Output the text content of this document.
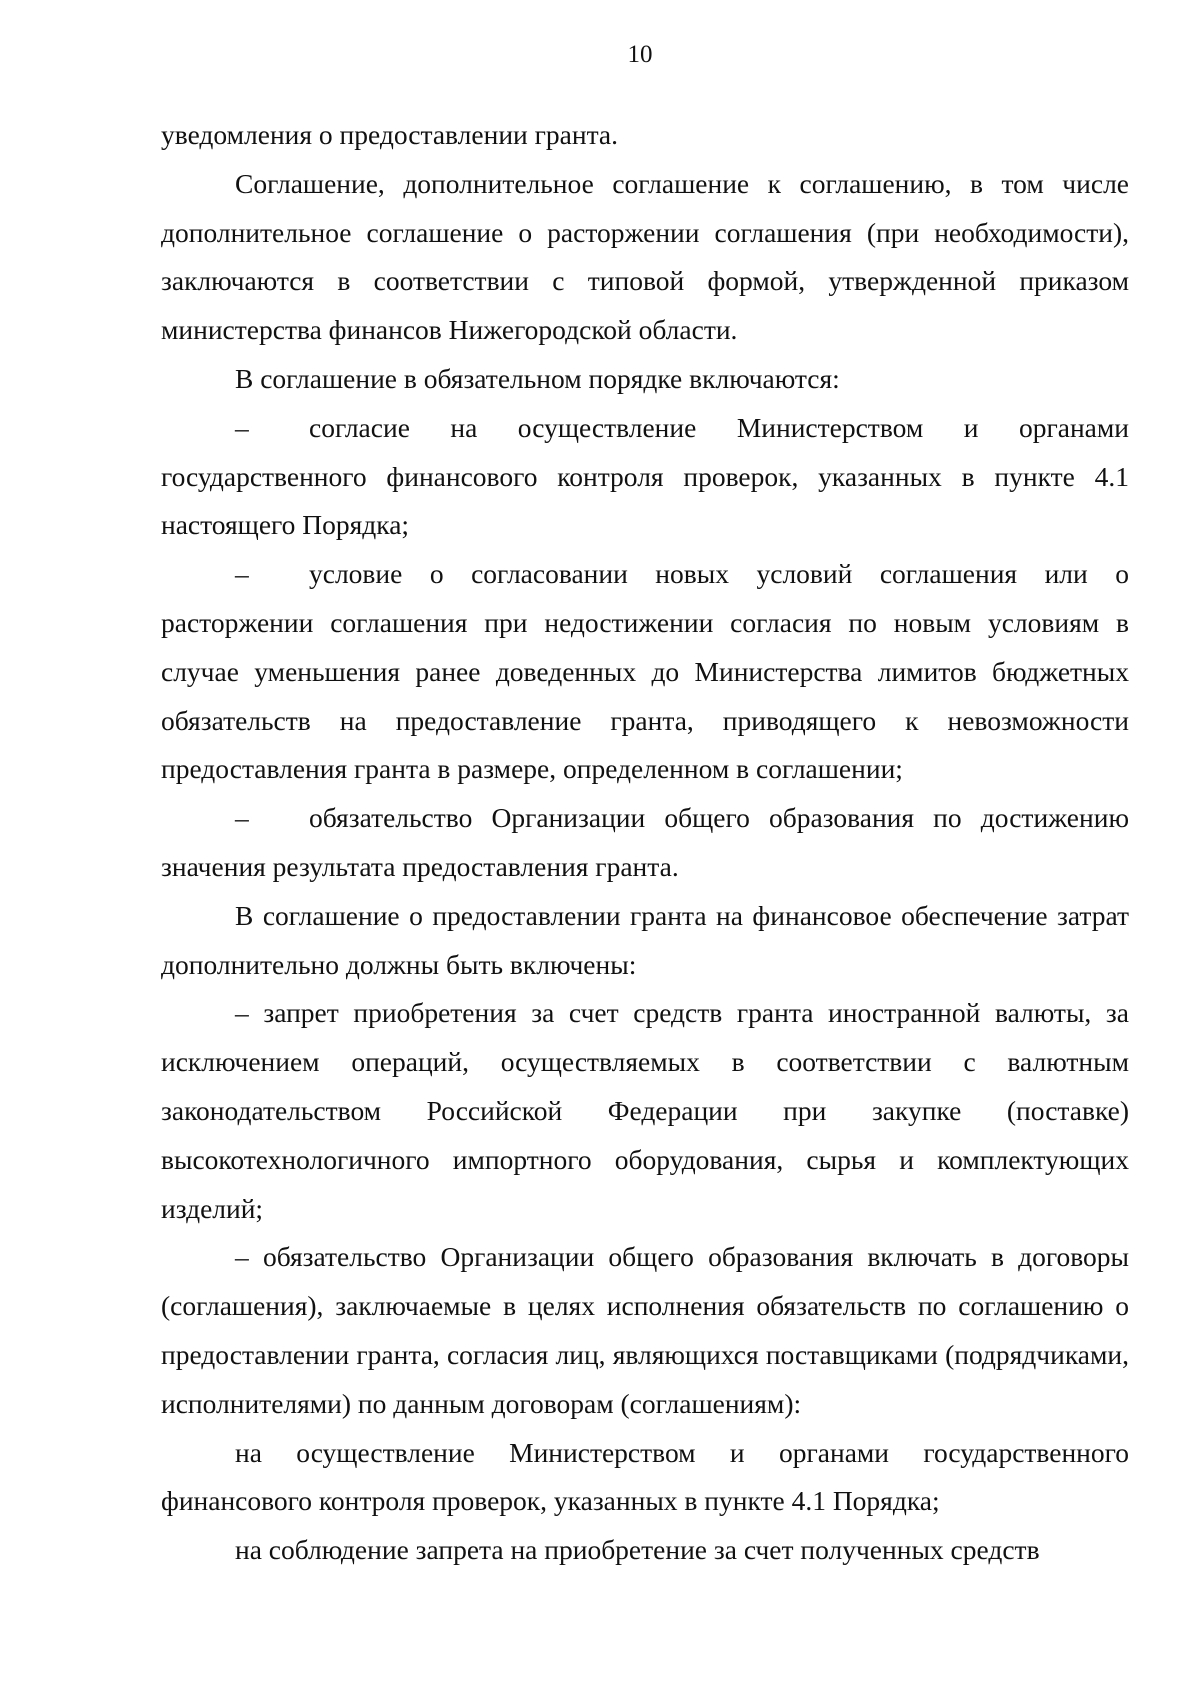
10

уведомления о предоставлении гранта.

Соглашение, дополнительное соглашение к соглашению, в том числе дополнительное соглашение о расторжении соглашения (при необходимости), заключаются в соответствии с типовой формой, утвержденной приказом министерства финансов Нижегородской области.

В соглашение в обязательном порядке включаются:

– согласие на осуществление Министерством и органами государственного финансового контроля проверок, указанных в пункте 4.1 настоящего Порядка;

– условие о согласовании новых условий соглашения или о расторжении соглашения при недостижении согласия по новым условиям в случае уменьшения ранее доведенных до Министерства лимитов бюджетных обязательств на предоставление гранта, приводящего к невозможности предоставления гранта в размере, определенном в соглашении;

– обязательство Организации общего образования по достижению значения результата предоставления гранта.

В соглашение о предоставлении гранта на финансовое обеспечение затрат дополнительно должны быть включены:

– запрет приобретения за счет средств гранта иностранной валюты, за исключением операций, осуществляемых в соответствии с валютным законодательством Российской Федерации при закупке (поставке) высокотехнологичного импортного оборудования, сырья и комплектующих изделий;

– обязательство Организации общего образования включать в договоры (соглашения), заключаемые в целях исполнения обязательств по соглашению о предоставлении гранта, согласия лиц, являющихся поставщиками (подрядчиками, исполнителями) по данным договорам (соглашениям):

на осуществление Министерством и органами государственного финансового контроля проверок, указанных в пункте 4.1 Порядка;

на соблюдение запрета на приобретение за счет полученных средств
